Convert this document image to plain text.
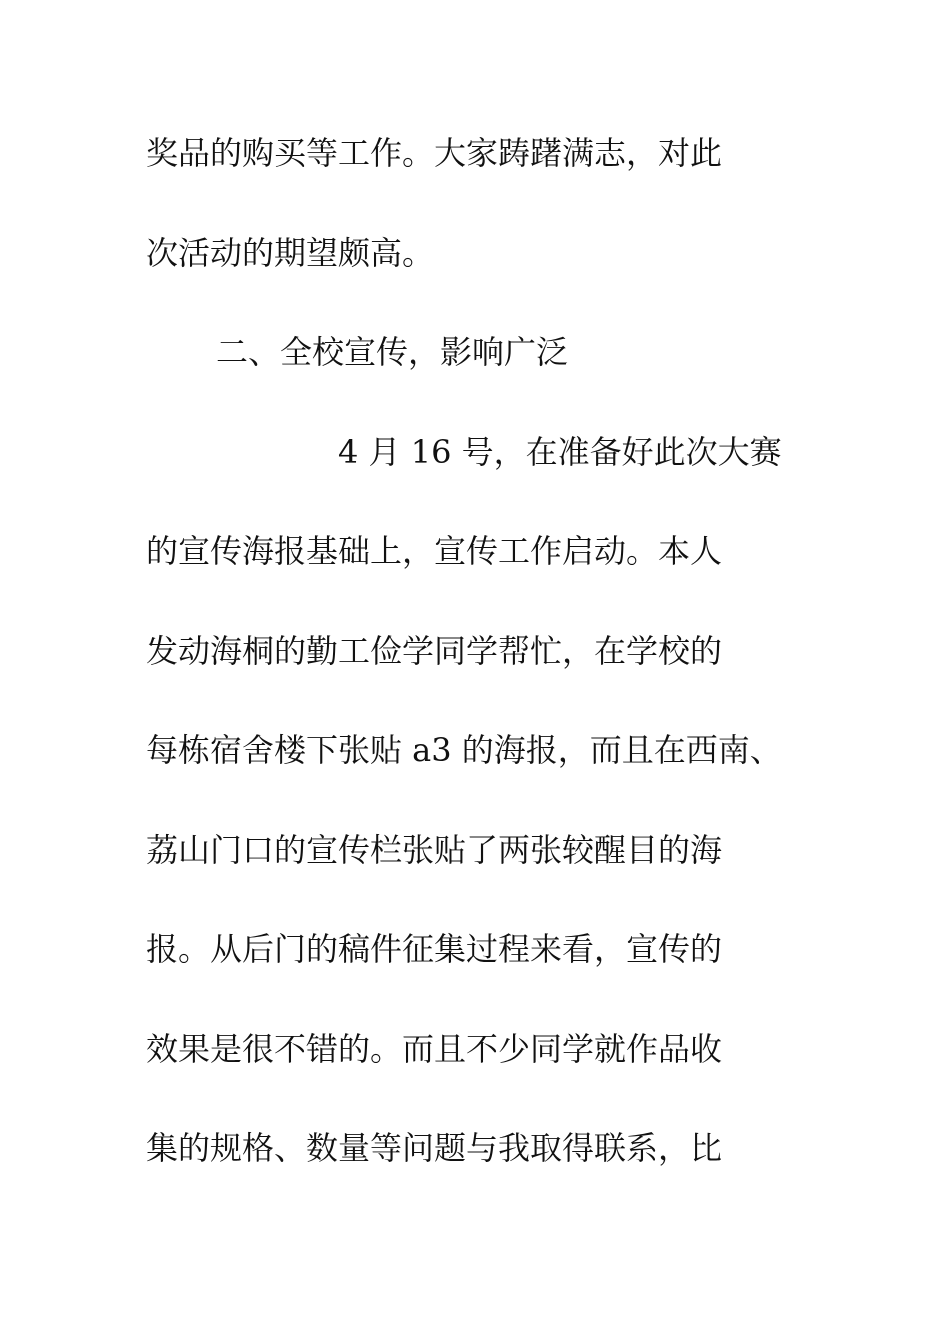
奖品的购买等工作。大家踌躇满志，对此

次活动的期望颇高。

二、全校宣传，影响广泛

4 月 16 号，在准备好此次大赛

的宣传海报基础上，宣传工作启动。本人

发动海桐的勤工俭学同学帮忙，在学校的

每栋宿舍楼下张贴 a3 的海报，而且在西南、

荔山门口的宣传栏张贴了两张较醒目的海

报。从后门的稿件征集过程来看，宣传的

效果是很不错的。而且不少同学就作品收

集的规格、数量等问题与我取得联系，比
